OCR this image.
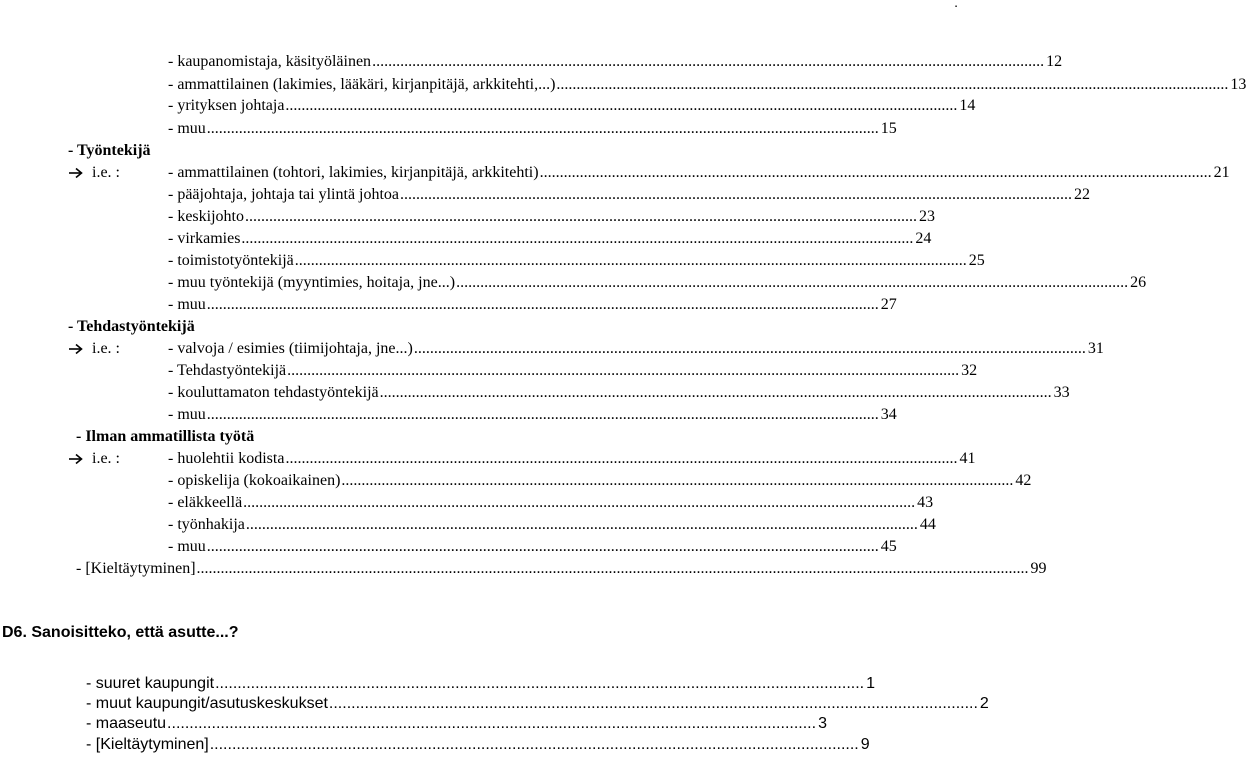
.
- kaupanomistaja, käsityöläinen ........................................................................................................................................................................ 12
- ammattilainen (lakimies, lääkäri, kirjanpitäjä, arkkitehti,...) ........................................................................................................................................................................ 13
- yrityksen johtaja ........................................................................................................................................................................ 14
- muu ........................................................................................................................................................................ 15
- Työntekijä
i.e. :	- ammattilainen (tohtori, lakimies, kirjanpitäjä, arkkitehti) ........................................................................................................................................................................ 21
- pääjohtaja, johtaja tai ylintä johtoa ........................................................................................................................................................................ 22
- keskijohto ........................................................................................................................................................................ 23
- virkamies ........................................................................................................................................................................ 24
- toimistotyöntekijä ........................................................................................................................................................................ 25
- muu työntekijä (myyntimies, hoitaja, jne...) ........................................................................................................................................................................ 26
- muu ........................................................................................................................................................................ 27
- Tehdastyöntekijä
i.e. :	- valvoja / esimies (tiimijohtaja, jne...) ........................................................................................................................................................................ 31
- Tehdastyöntekijä ........................................................................................................................................................................ 32
- kouluttamaton tehdastyöntekijä ........................................................................................................................................................................ 33
- muu ........................................................................................................................................................................ 34
- Ilman ammatillista työtä
i.e. :	- huolehtii kodista ........................................................................................................................................................................ 41
- opiskelija (kokoaikainen) ........................................................................................................................................................................ 42
- eläkkeellä ........................................................................................................................................................................ 43
- työnhakija ........................................................................................................................................................................ 44
- muu ........................................................................................................................................................................ 45
- [Kieltäytyminen] ................................................................................................................................................................................................................ 99
D6. Sanoisitteko, että asutte...?
- suuret kaupungit .................................................................................................................................................. 1
- muut kaupungit/asutuskeskukset .................................................................................................................................................. 2
- maaseutu .................................................................................................................................................. 3
- [Kieltäytyminen] .................................................................................................................................................. 9
